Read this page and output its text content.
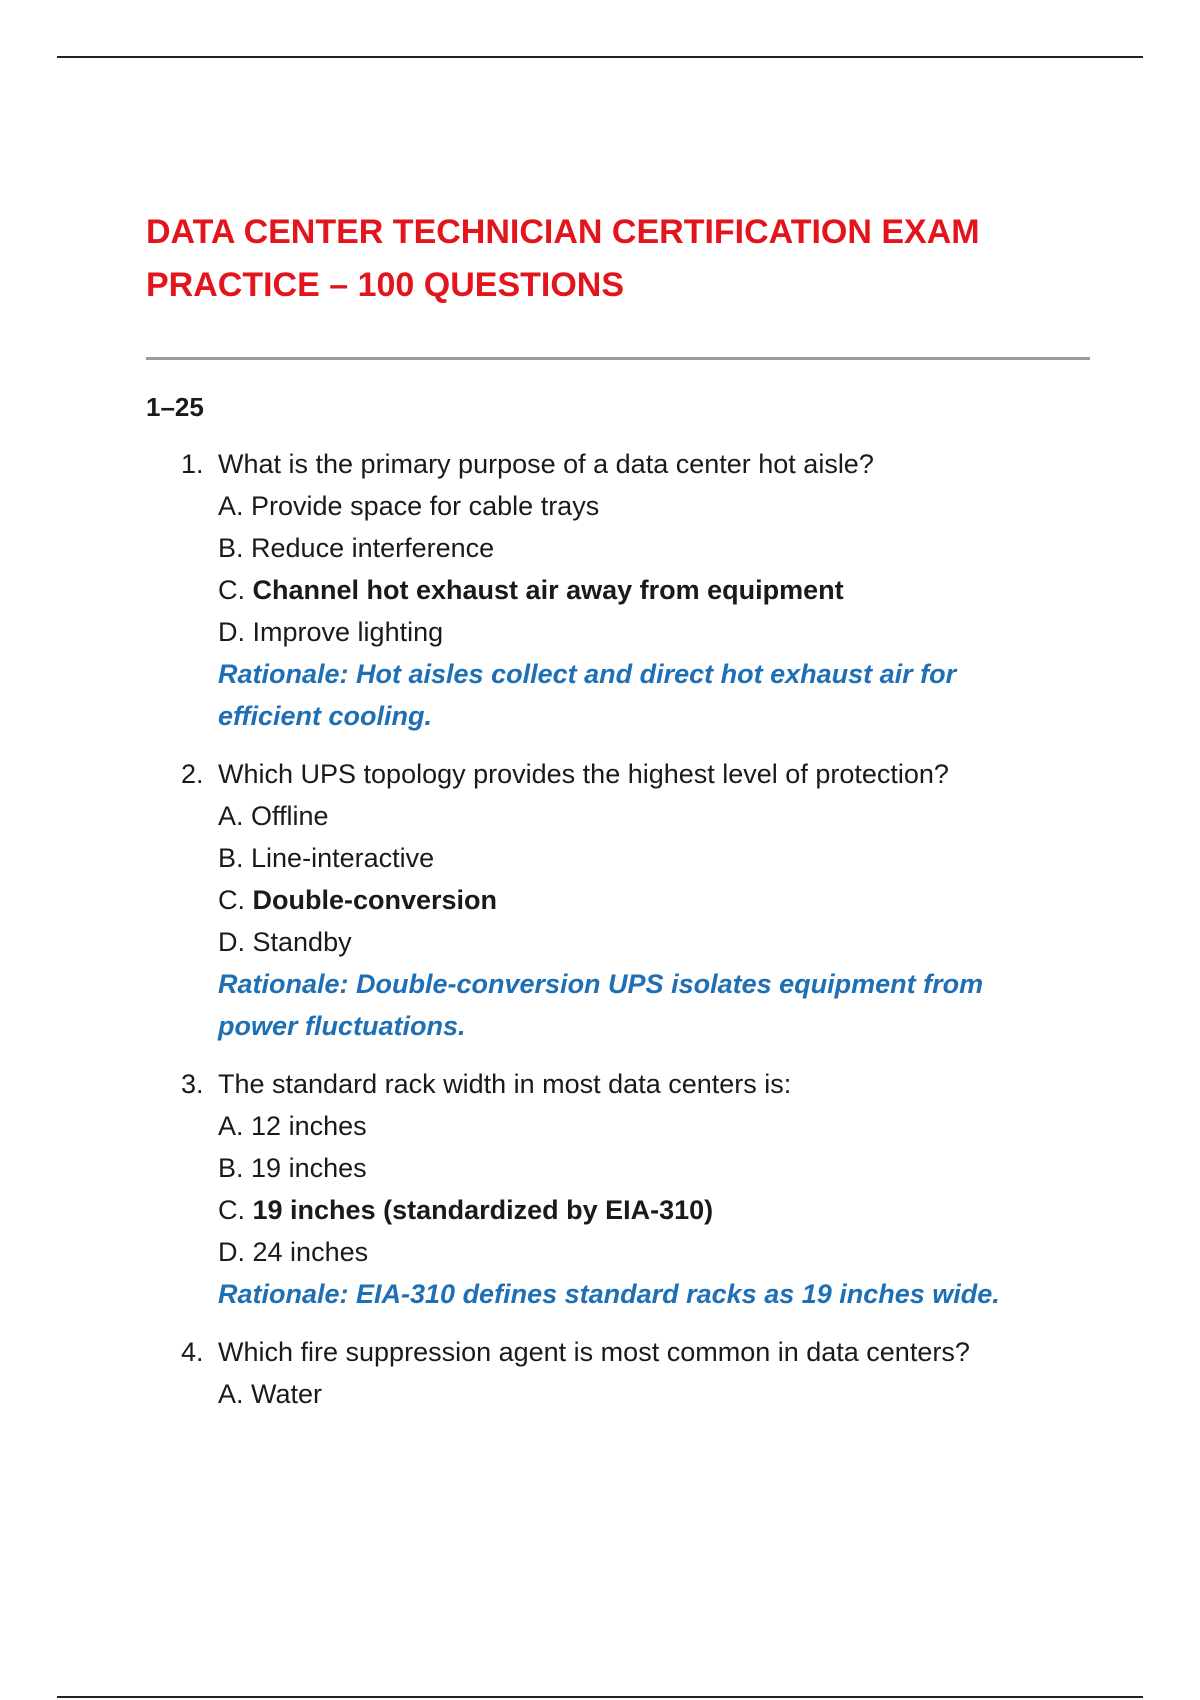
DATA CENTER TECHNICIAN CERTIFICATION EXAM
PRACTICE – 100 QUESTIONS

1–25

1. What is the primary purpose of a data center hot aisle?
A. Provide space for cable trays
B. Reduce interference
C. Channel hot exhaust air away from equipment
D. Improve lighting
Rationale: Hot aisles collect and direct hot exhaust air for
efficient cooling.
2. Which UPS topology provides the highest level of protection?
A. Offline
B. Line-interactive
C. Double-conversion
D. Standby
Rationale: Double-conversion UPS isolates equipment from
power fluctuations.
3. The standard rack width in most data centers is:
A. 12 inches
B. 19 inches
C. 19 inches (standardized by EIA-310)
D. 24 inches
Rationale: EIA-310 defines standard racks as 19 inches wide.
4. Which fire suppression agent is most common in data centers?
A. Water
